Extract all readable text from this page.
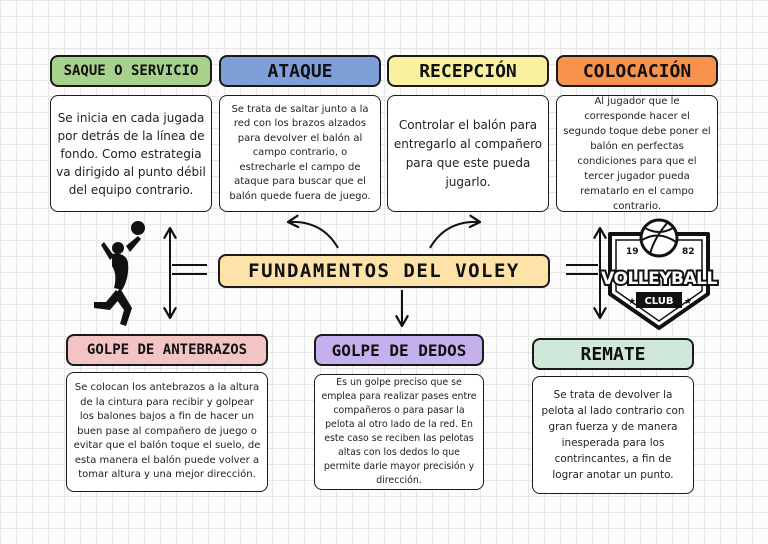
19	82
VOLLEYBALL
CLUB
★	★
FUNDAMENTOS DEL VOLEY
SAQUE O SERVICIO
Se inicia en cada jugada por detrás de la línea de fondo. Como estrategia va dirigido al punto débil del equipo contrario.
ATAQUE
Se trata de saltar junto a la red con los brazos alzados para devolver el balón al campo contrario, o estrecharle el campo de ataque para buscar que el balón quede fuera de juego.
RECEPCIÓN
Controlar el balón para entregarlo al compañero para que este pueda jugarlo.
COLOCACIÓN
Al jugador que le corresponde hacer el segundo toque debe poner el balón en perfectas condiciones para que el tercer jugador pueda rematarlo en el campo contrario.
GOLPE DE ANTEBRAZOS
Se colocan los antebrazos a la altura de la cintura para recibir y golpear los balones bajos a fin de hacer un buen pase al compañero de juego o evitar que el balón toque el suelo, de esta manera el balón puede volver a tomar altura y una mejor dirección.
GOLPE DE DEDOS
Es un golpe preciso que se emplea para realizar pases entre compañeros o para pasar la pelota al otro lado de la red. En este caso se reciben las pelotas altas con los dedos lo que permite darle mayor precisión y dirección.
REMATE
Se trata de devolver la pelota al lado contrario con gran fuerza y de manera inesperada para los contrincantes, a fin de lograr anotar un punto.
